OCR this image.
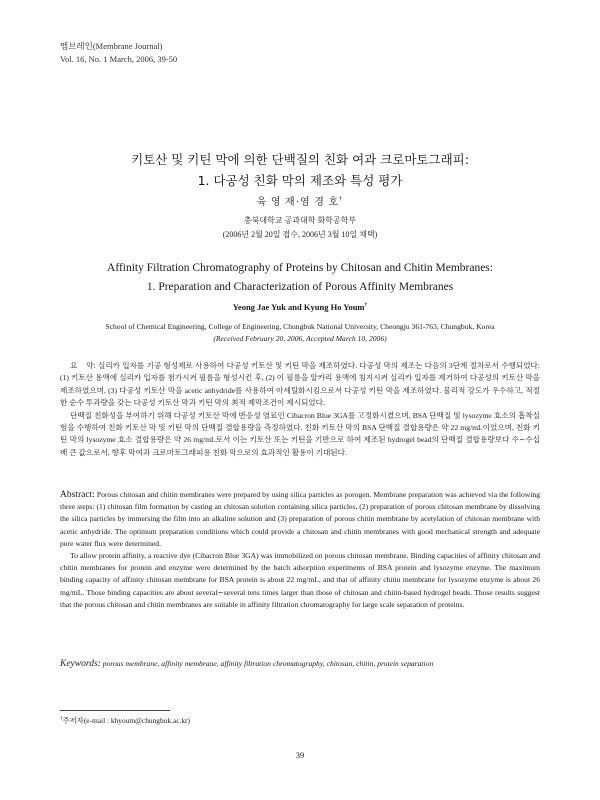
멤브레인(Membrane Journal)
Vol. 16, No. 1 March, 2006, 39-50
키토산 및 키틴 막에 의한 단백질의 친화 여과 크로마토그래피:
1. 다공성 친화 막의 제조와 특성 평가
육 영 재·염 경 호†
충북대학교 공과대학 화학공학부
(2006년 2월 20일 접수, 2006년 3월 10일 채택)
Affinity Filtration Chromatography of Proteins by Chitosan and Chitin Membranes:
1. Preparation and Characterization of Porous Affinity Membranes
Yeong Jae Yuk and Kyung Ho Youm†
School of Chemical Engineering, College of Engineering, Chungbuk National University, Cheongju 361-763, Chungbuk, Korea
(Received February 20, 2006, Accepted March 10, 2006)

요    약: 실리카 입자를 기공 형성제로 사용하여 다공성 키토산 및 키틴 막을 제조하였다. 다공성 막의 제조는 다음의 3단계 절차로서 수행되었다: (1) 키토산 용액에 실리카 입자를 첨가시켜 필름을 형성시킨 후, (2) 이 필름을 알카리 용액에 침지시켜 실리카 입자를 제거하여 다공성의 키토산 막을 제조하였으며, (3) 다공성 키토산 막을 acetic anhydride를 사용하여 아세틸화시킴으로서 다공성 키틴 막을 제조하였다. 물리적 강도가 우수하고, 적절한 순수 투과량을 갖는 다공성 키토산 막과 키틴 막의 최적 제막조건이 제시되었다.

단백질 친화성을 부여하기 위해 다공성 키토산 막에 반응성 염료인 Cibacron Blue 3GA를 고정화시켰으며, BSA 단백질 및 lysozyme 효소의 흡착실험을 수행하여 친화 키토산 막 및 키틴 막의 단백질 결합용량을 측정하였다. 친화 키토산 막의 BSA 단백질 결합용량은 약 22 mg/mL이었으며, 친화 키틴 막의 lysozyme 효소 결합용량은 약 26 mg/mL로서 이는 키토산 또는 키틴을 기반으로 하여 제조된 hydrogel bead의 단백질 결합용량보다 수∼수십 배 큰 값으로서, 향후 막여과 크로마토그래피용 친화 막으로의 효과적인 활용이 기대된다.

Abstract: Porous chitosan and chitin membranes were prepared by using silica particles as porogen. Membrane preparation was achieved via the following three steps: (1) chitosan film formation by casting an chitosan solution containing silica particles, (2) preparation of porous chitosan membrane by dissolving the silica particles by immersing the film into an alkaline solution and (3) preparation of porous chitin membrane by acetylation of chitosan membrane with acetic anhydride. The optimum preparation conditions which could provide a chitosan and chitin membranes with good mechanical strength and adequate pure water flux were determined.

To allow protein affinity, a reactive dye (Cibacron Blue 3GA) was immobilized on porous chitosan membrane. Binding capacities of affinity chitosan and chitin membranes for protein and enzyme were determined by the batch adsorption experiments of BSA protein and lysozyme enzyme. The maximum binding capacity of affinity chitosan membrane for BSA protein is about 22 mg/mL, and that of affinity chitin membrane for lysozyme enzyme is about 26 mg/mL. Those binding capacities are about several∼several tens times larger than those of chitosan and chitin-based hydrogel beads. Those results suggest that the porous chitosan and chitin membranes are suitable in affinity filtration chromatography for large scale separation of proteins.

Keywords: porous membrane, affinity membrane, affinity filtration chromatography, chitosan, chitin, protein separation
†주저자(e-mail : khyoum@chungbuk.ac.kr)
39
